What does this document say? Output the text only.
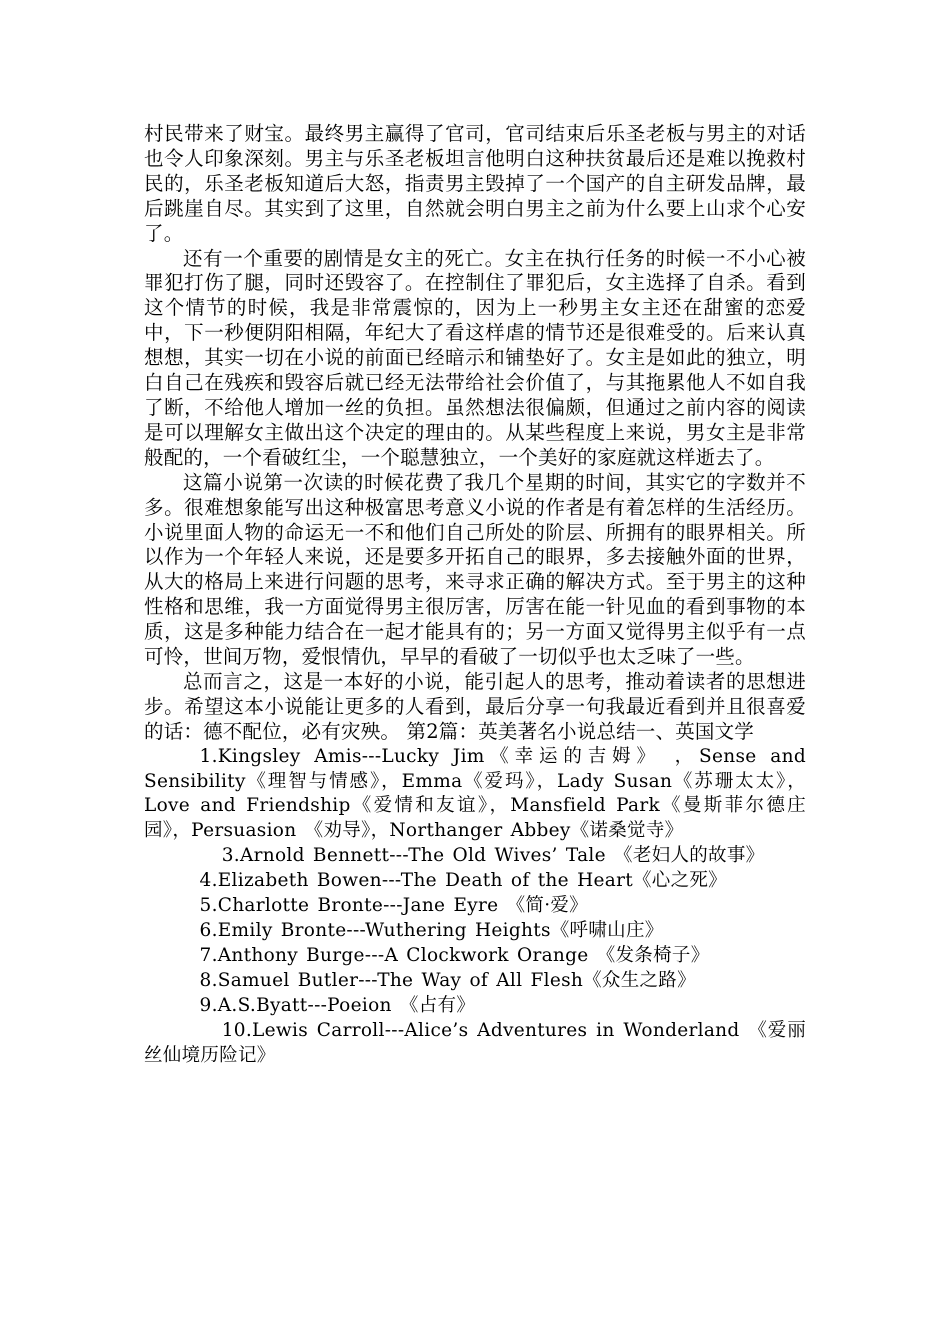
村民带来了财宝。最终男主赢得了官司，官司结束后乐圣老板与男主的对话也令人印象深刻。男主与乐圣老板坦言他明白这种扶贫最后还是难以挽救村民的，乐圣老板知道后大怒，指责男主毁掉了一个国产的自主研发品牌，最后跳崖自尽。其实到了这里，自然就会明白男主之前为什么要上山求个心安了。

还有一个重要的剧情是女主的死亡。女主在执行任务的时候一不小心被罪犯打伤了腿，同时还毁容了。在控制住了罪犯后，女主选择了自杀。看到这个情节的时候，我是非常震惊的，因为上一秒男主女主还在甜蜜的恋爱中，下一秒便阴阳相隔，年纪大了看这样虐的情节还是很难受的。后来认真想想，其实一切在小说的前面已经暗示和铺垫好了。女主是如此的独立，明白自己在残疾和毁容后就已经无法带给社会价值了，与其拖累他人不如自我了断，不给他人增加一丝的负担。虽然想法很偏颇，但通过之前内容的阅读是可以理解女主做出这个决定的理由的。从某些程度上来说，男女主是非常般配的，一个看破红尘，一个聪慧独立，一个美好的家庭就这样逝去了。

这篇小说第一次读的时候花费了我几个星期的时间，其实它的字数并不多。很难想象能写出这种极富思考意义小说的作者是有着怎样的生活经历。小说里面人物的命运无一不和他们自己所处的阶层、所拥有的眼界相关。所以作为一个年轻人来说，还是要多开拓自己的眼界，多去接触外面的世界，从大的格局上来进行问题的思考，来寻求正确的解决方式。至于男主的这种性格和思维，我一方面觉得男主很厉害，厉害在能一针见血的看到事物的本质，这是多种能力结合在一起才能具有的；另一方面又觉得男主似乎有一点可怜，世间万物，爱恨情仇，早早的看破了一切似乎也太乏味了一些。

总而言之，这是一本好的小说，能引起人的思考，推动着读者的思想进步。希望这本小说能让更多的人看到，最后分享一句我最近看到并且很喜爱的话：德不配位，必有灾殃。 第2篇：英美著名小说总结一、英国文学

1.Kingsley Amis---Lucky Jim《幸运的吉姆》 ，Sense and Sensibility《理智与情感》，Emma《爱玛》，Lady Susan《苏珊太太》，Love and Friendship《爱情和友谊》，Mansfield Park《曼斯菲尔德庄园》，Persuasion 《劝导》，Northanger Abbey《诺桑觉寺》
3.Arnold Bennett---The Old Wives’ Tale 《老妇人的故事》
4.Elizabeth Bowen---The Death of the Heart《心之死》
5.Charlotte Bronte---Jane Eyre 《简·爱》
6.Emily Bronte---Wuthering Heights《呼啸山庄》
7.Anthony Burge---A Clockwork Orange 《发条椅子》
8.Samuel Butler---The Way of All Flesh《众生之路》
9.A.S.Byatt---Poeion 《占有》
10.Lewis Carroll---Alice’s Adventures in Wonderland 《爱丽丝仙境历险记》
